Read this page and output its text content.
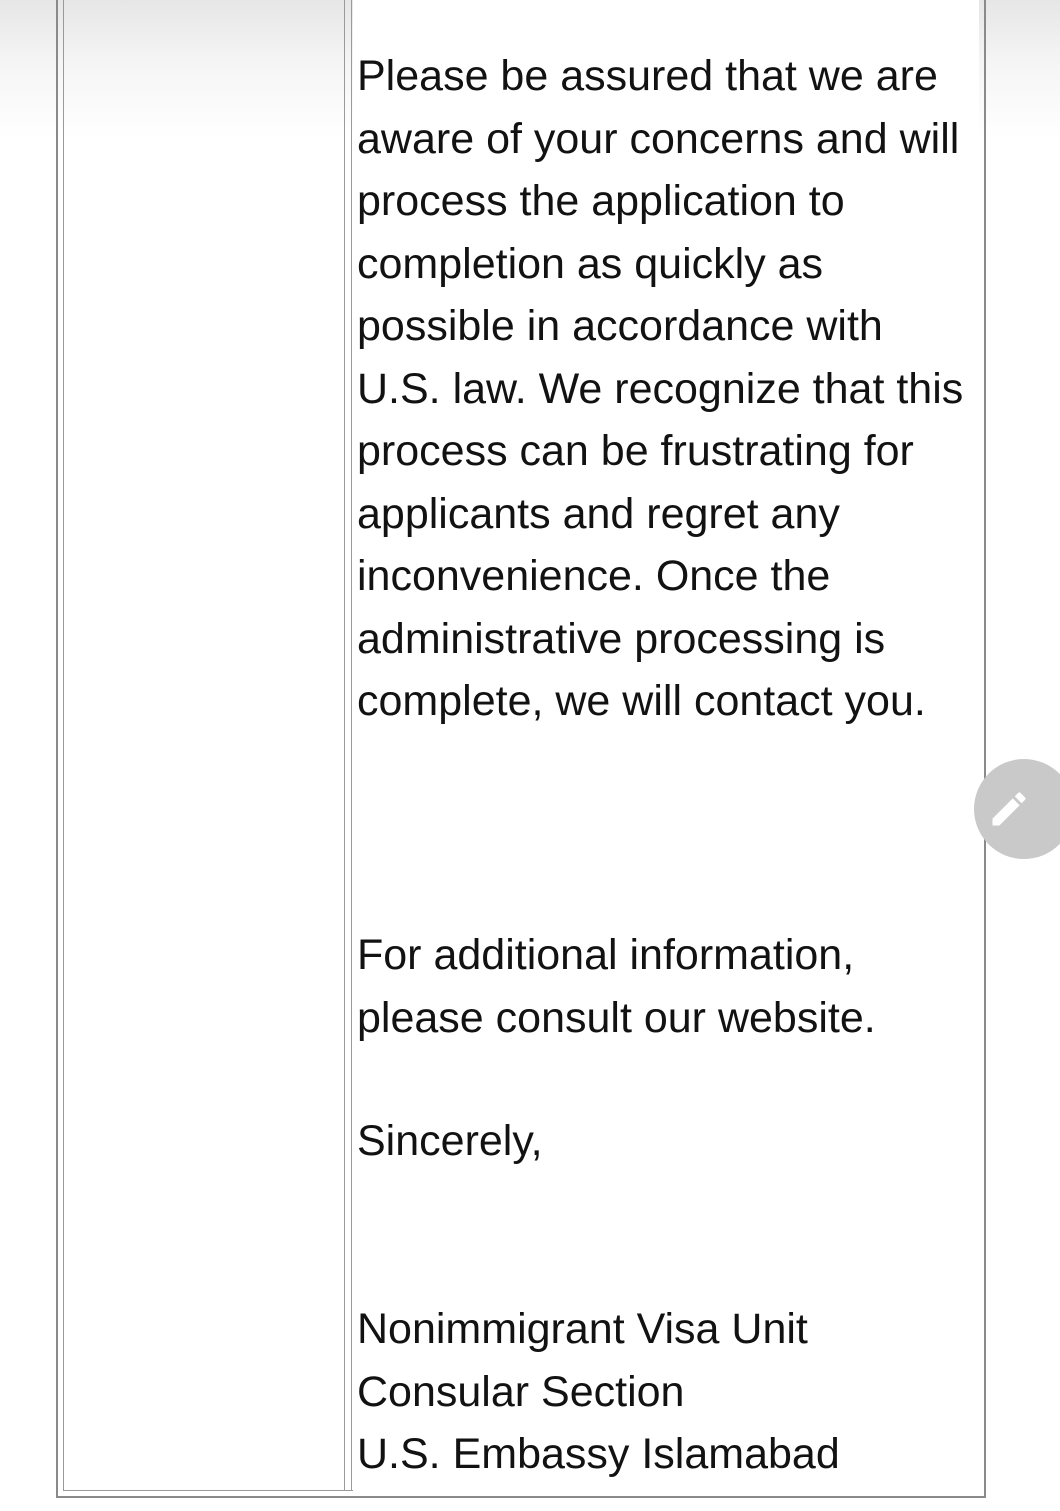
Please be assured that we are aware of your concerns and will process the application to completion as quickly as possible in accordance with U.S. law. We recognize that this process can be frustrating for applicants and regret any inconvenience. Once the administrative processing is complete, we will contact you.

For additional information, please consult our website.

Sincerely,

Nonimmigrant Visa Unit
Consular Section
U.S. Embassy Islamabad
